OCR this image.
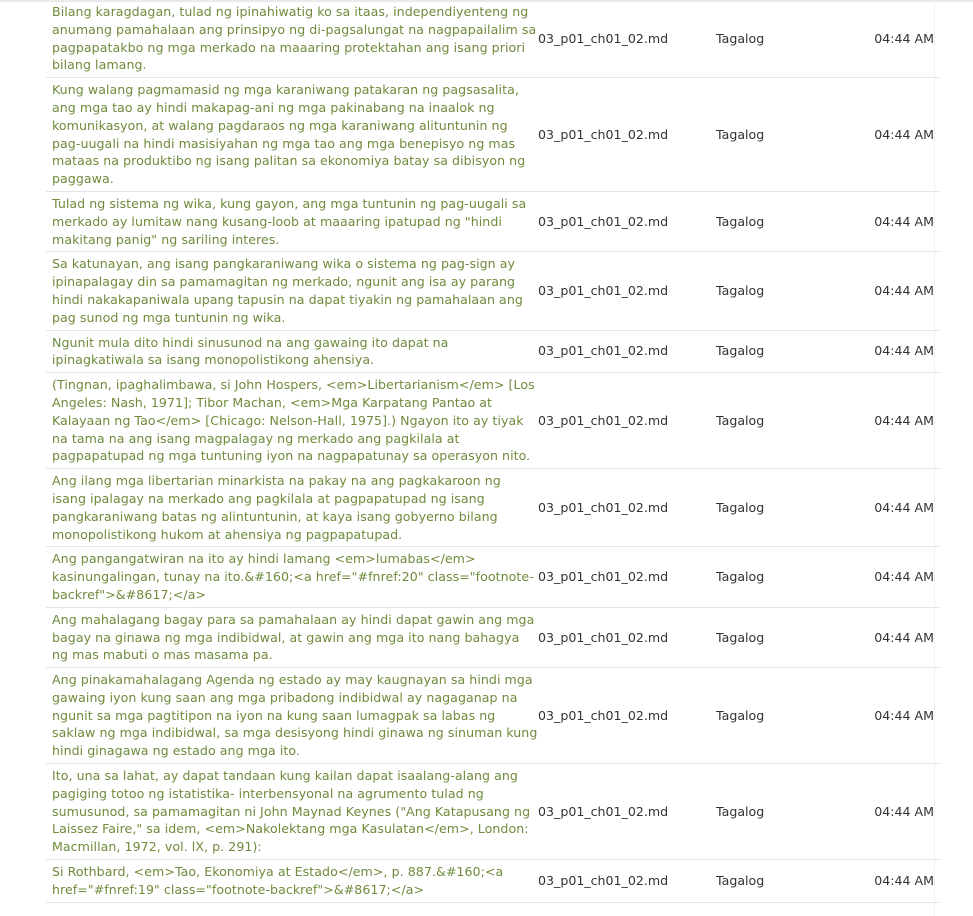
Bilang karagdagan, tulad ng ipinahiwatig ko sa itaas, independiyenteng ng anumang pamahalaan ang prinsipyo ng di-pagsalungat na nagpapailalim sa pagpapatakbo ng mga merkado na maaaring protektahan ang isang priori bilang lamang.	03_p01_ch01_02.md	Tagalog	04:44 AM
Kung walang pagmamasid ng mga karaniwang patakaran ng pagsasalita, ang mga tao ay hindi makapag-ani ng mga pakinabang na inaalok ng komunikasyon, at walang pagdaraos ng mga karaniwang alituntunin ng pag-uugali na hindi masisiyahan ng mga tao ang mga benepisyo ng mas mataas na produktibo ng isang palitan sa ekonomiya batay sa dibisyon ng paggawa.	03_p01_ch01_02.md	Tagalog	04:44 AM
Tulad ng sistema ng wika, kung gayon, ang mga tuntunin ng pag-uugali sa merkado ay lumitaw nang kusang-loob at maaaring ipatupad ng "hindi makitang panig" ng sariling interes.	03_p01_ch01_02.md	Tagalog	04:44 AM
Sa katunayan, ang isang pangkaraniwang wika o sistema ng pag-sign ay ipinapalagay din sa pamamagitan ng merkado, ngunit ang isa ay parang hindi nakakapaniwala upang tapusin na dapat tiyakin ng pamahalaan ang pag sunod ng mga tuntunin ng wika.	03_p01_ch01_02.md	Tagalog	04:44 AM
Ngunit mula dito hindi sinusunod na ang gawaing ito dapat na ipinagkatiwala sa isang monopolistikong ahensiya.	03_p01_ch01_02.md	Tagalog	04:44 AM
(Tingnan, ipaghalimbawa, si John Hospers, <em>Libertarianism</em> [Los Angeles: Nash, 1971]; Tibor Machan, <em>Mga Karpatang Pantao at Kalayaan ng Tao</em> [Chicago: Nelson-Hall, 1975].) Ngayon ito ay tiyak na tama na ang isang magpalagay ng merkado ang pagkilala at pagpapatupad ng mga tuntuning iyon na nagpapatunay sa operasyon nito.	03_p01_ch01_02.md	Tagalog	04:44 AM
Ang ilang mga libertarian minarkista na pakay na ang pagkakaroon ng isang ipalagay na merkado ang pagkilala at pagpapatupad ng isang pangkaraniwang batas ng alintuntunin, at kaya isang gobyerno bilang monopolistikong hukom at ahensiya ng pagpapatupad.	03_p01_ch01_02.md	Tagalog	04:44 AM
Ang pangangatwiran na ito ay hindi lamang <em>lumabas</em> kasinungalingan, tunay na ito.&#160;<a href="#fnref:20" class="footnote-backref">&#8617;</a>	03_p01_ch01_02.md	Tagalog	04:44 AM
Ang mahalagang bagay para sa pamahalaan ay hindi dapat gawin ang mga bagay na ginawa ng mga indibidwal, at gawin ang mga ito nang bahagya ng mas mabuti o mas masama pa.	03_p01_ch01_02.md	Tagalog	04:44 AM
Ang pinakamahalagang Agenda ng estado ay may kaugnayan sa hindi mga gawaing iyon kung saan ang mga pribadong indibidwal ay nagaganap na ngunit sa mga pagtitipon na iyon na kung saan lumagpak sa labas ng saklaw ng mga indibidwal, sa mga desisyong hindi ginawa ng sinuman kung hindi ginagawa ng estado ang mga ito.	03_p01_ch01_02.md	Tagalog	04:44 AM
Ito, una sa lahat, ay dapat tandaan kung kailan dapat isaalang-alang ang pagiging totoo ng istatistika- interbensyonal na agrumento tulad ng sumusunod, sa pamamagitan ni John Maynad Keynes ("Ang Katapusang ng Laissez Faire," sa idem, <em>Nakolektang mga Kasulatan</em>, London: Macmillan, 1972, vol. lX, p. 291):	03_p01_ch01_02.md	Tagalog	04:44 AM
Si Rothbard, <em>Tao, Ekonomiya at Estado</em>, p. 887.&#160;<a href="#fnref:19" class="footnote-backref">&#8617;</a>	03_p01_ch01_02.md	Tagalog	04:44 AM
